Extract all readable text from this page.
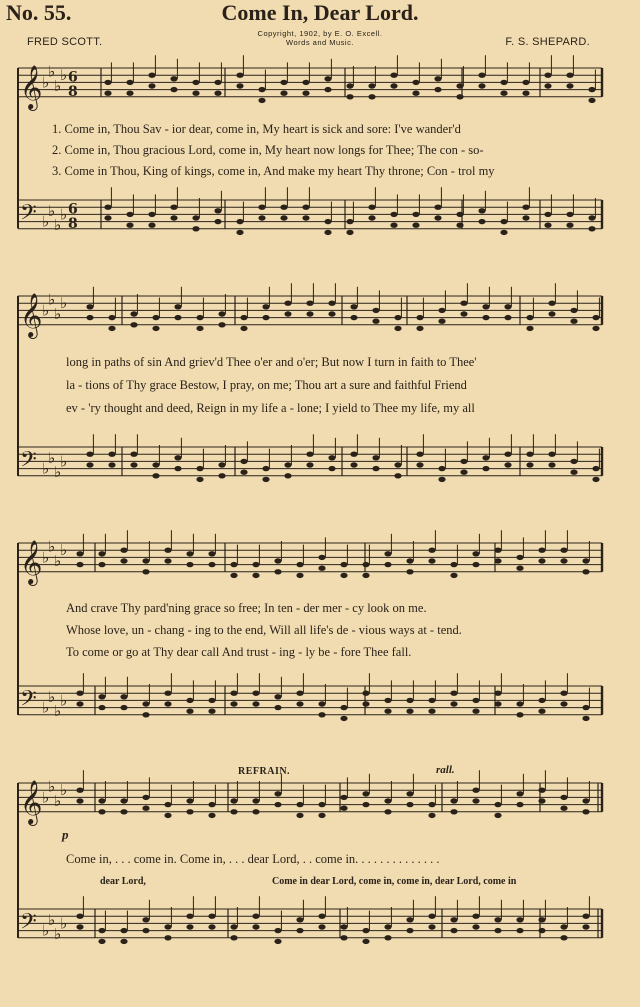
No. 55.	Come In, Dear Lord.
Copyright, 1902, by E. O. Excell.
Words and Music.
FRED SCOTT.	F. S. SHEPARD.
𝄞 ♭
♭
♭
♭ 6
8
𝄢 ♭
♭
♭
♭ 6
8
𝄞 ♭
♭
♭
♭
𝄢 ♭
♭
♭
♭
𝄞 ♭
♭
♭
♭
𝄢 ♭
♭
♭
♭
𝄞 ♭
♭
♭
♭
𝄢 ♭
♭
♭
♭
1. Come in, Thou Sav - ior dear, come in, My heart is sick and sore: I've wander'd
2. Come in, Thou gracious Lord, come in, My heart now longs for Thee; The con - so-
3. Come in Thou, King of kings, come in, And make my heart Thy throne; Con - trol my
long in paths of sin And griev'd Thee o'er and o'er; But now I turn in faith to Thee'
la - tions of Thy grace Bestow, I pray, on me; Thou art a sure and faithful Friend
ev - 'ry thought and deed, Reign in my life a - lone; I yield to Thee my life, my all
And crave Thy pard'ning grace so free; In ten - der mer - cy look on me.
Whose love, un - chang - ing to the end, Will all life's de - vious ways at - tend.
To come or go at Thy dear call And trust - ing - ly be - fore Thee fall.
REFRAIN.	rall.
p
Come in, . . . come in. Come in, . . . dear Lord, . . come in. . . . . . . . . . . . . .
dear Lord,	Come in dear Lord, come in, come in, dear Lord, come in
